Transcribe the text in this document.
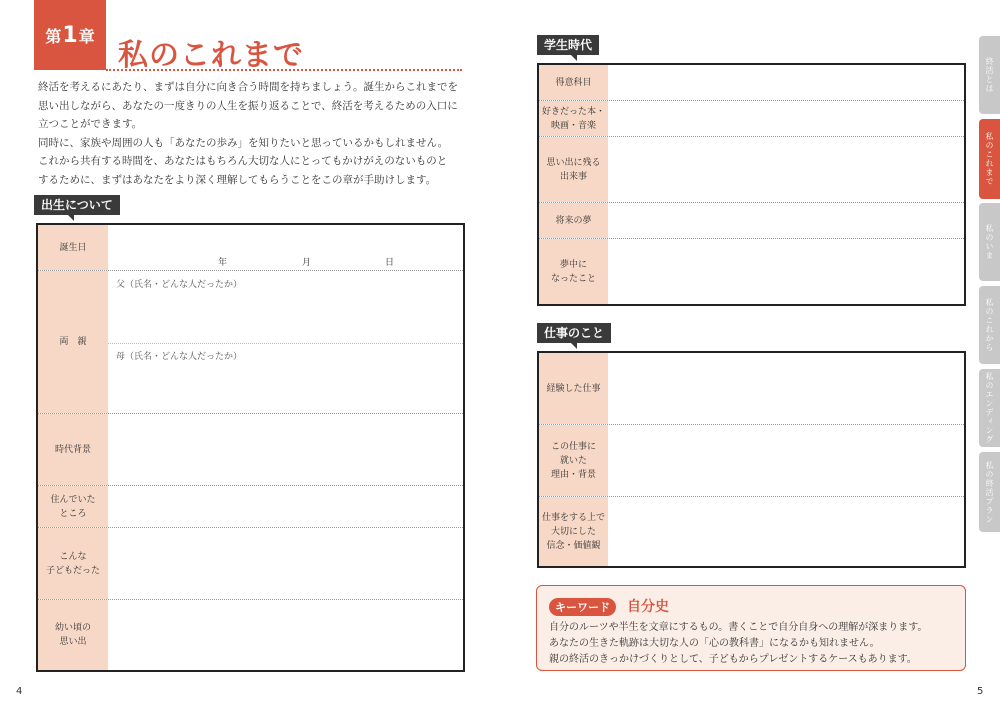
第 1 章
私のこれまで

終活を考えるにあたり、まずは自分に向き合う時間を持ちましょう。誕生からこれまでを

思い出しながら、あなたの一度きりの人生を振り返ることで、終活を考えるための入口に

立つことができます。

同時に、家族や周囲の人も「あなたの歩み」を知りたいと思っているかもしれません。

これから共有する時間を、あなたはもちろん大切な人にとってもかけがえのないものと

するために、まずはあなたをより深く理解してもらうことをこの章が手助けします。

出生について
誕生日
年	月	日
両　親
父（氏名・どんな人だったか）
母（氏名・どんな人だったか）
時代背景
住んでいた
ところ
こんな
子どもだった
幼い頃の
思い出
学生時代
得意科目
好きだった本・
映画・音楽
思い出に残る
出来事
将来の夢
夢中に
なったこと
仕事のこと
経験した仕事
この仕事に
就いた
理由・背景
仕事をする上で
大切にした
信念・価値観
キーワード	自分史

自分のルーツや半生を文章にするもの。書くことで自分自身への理解が深まります。

あなたの生きた軌跡は大切な人の「心の教科書」になるかも知れません。

親の終活のきっかけづくりとして、子どもからプレゼントするケースもあります。

終活とは
私のこれまで
私のいま
私のこれから
私のエンディング
私の終活プラン
4	5
